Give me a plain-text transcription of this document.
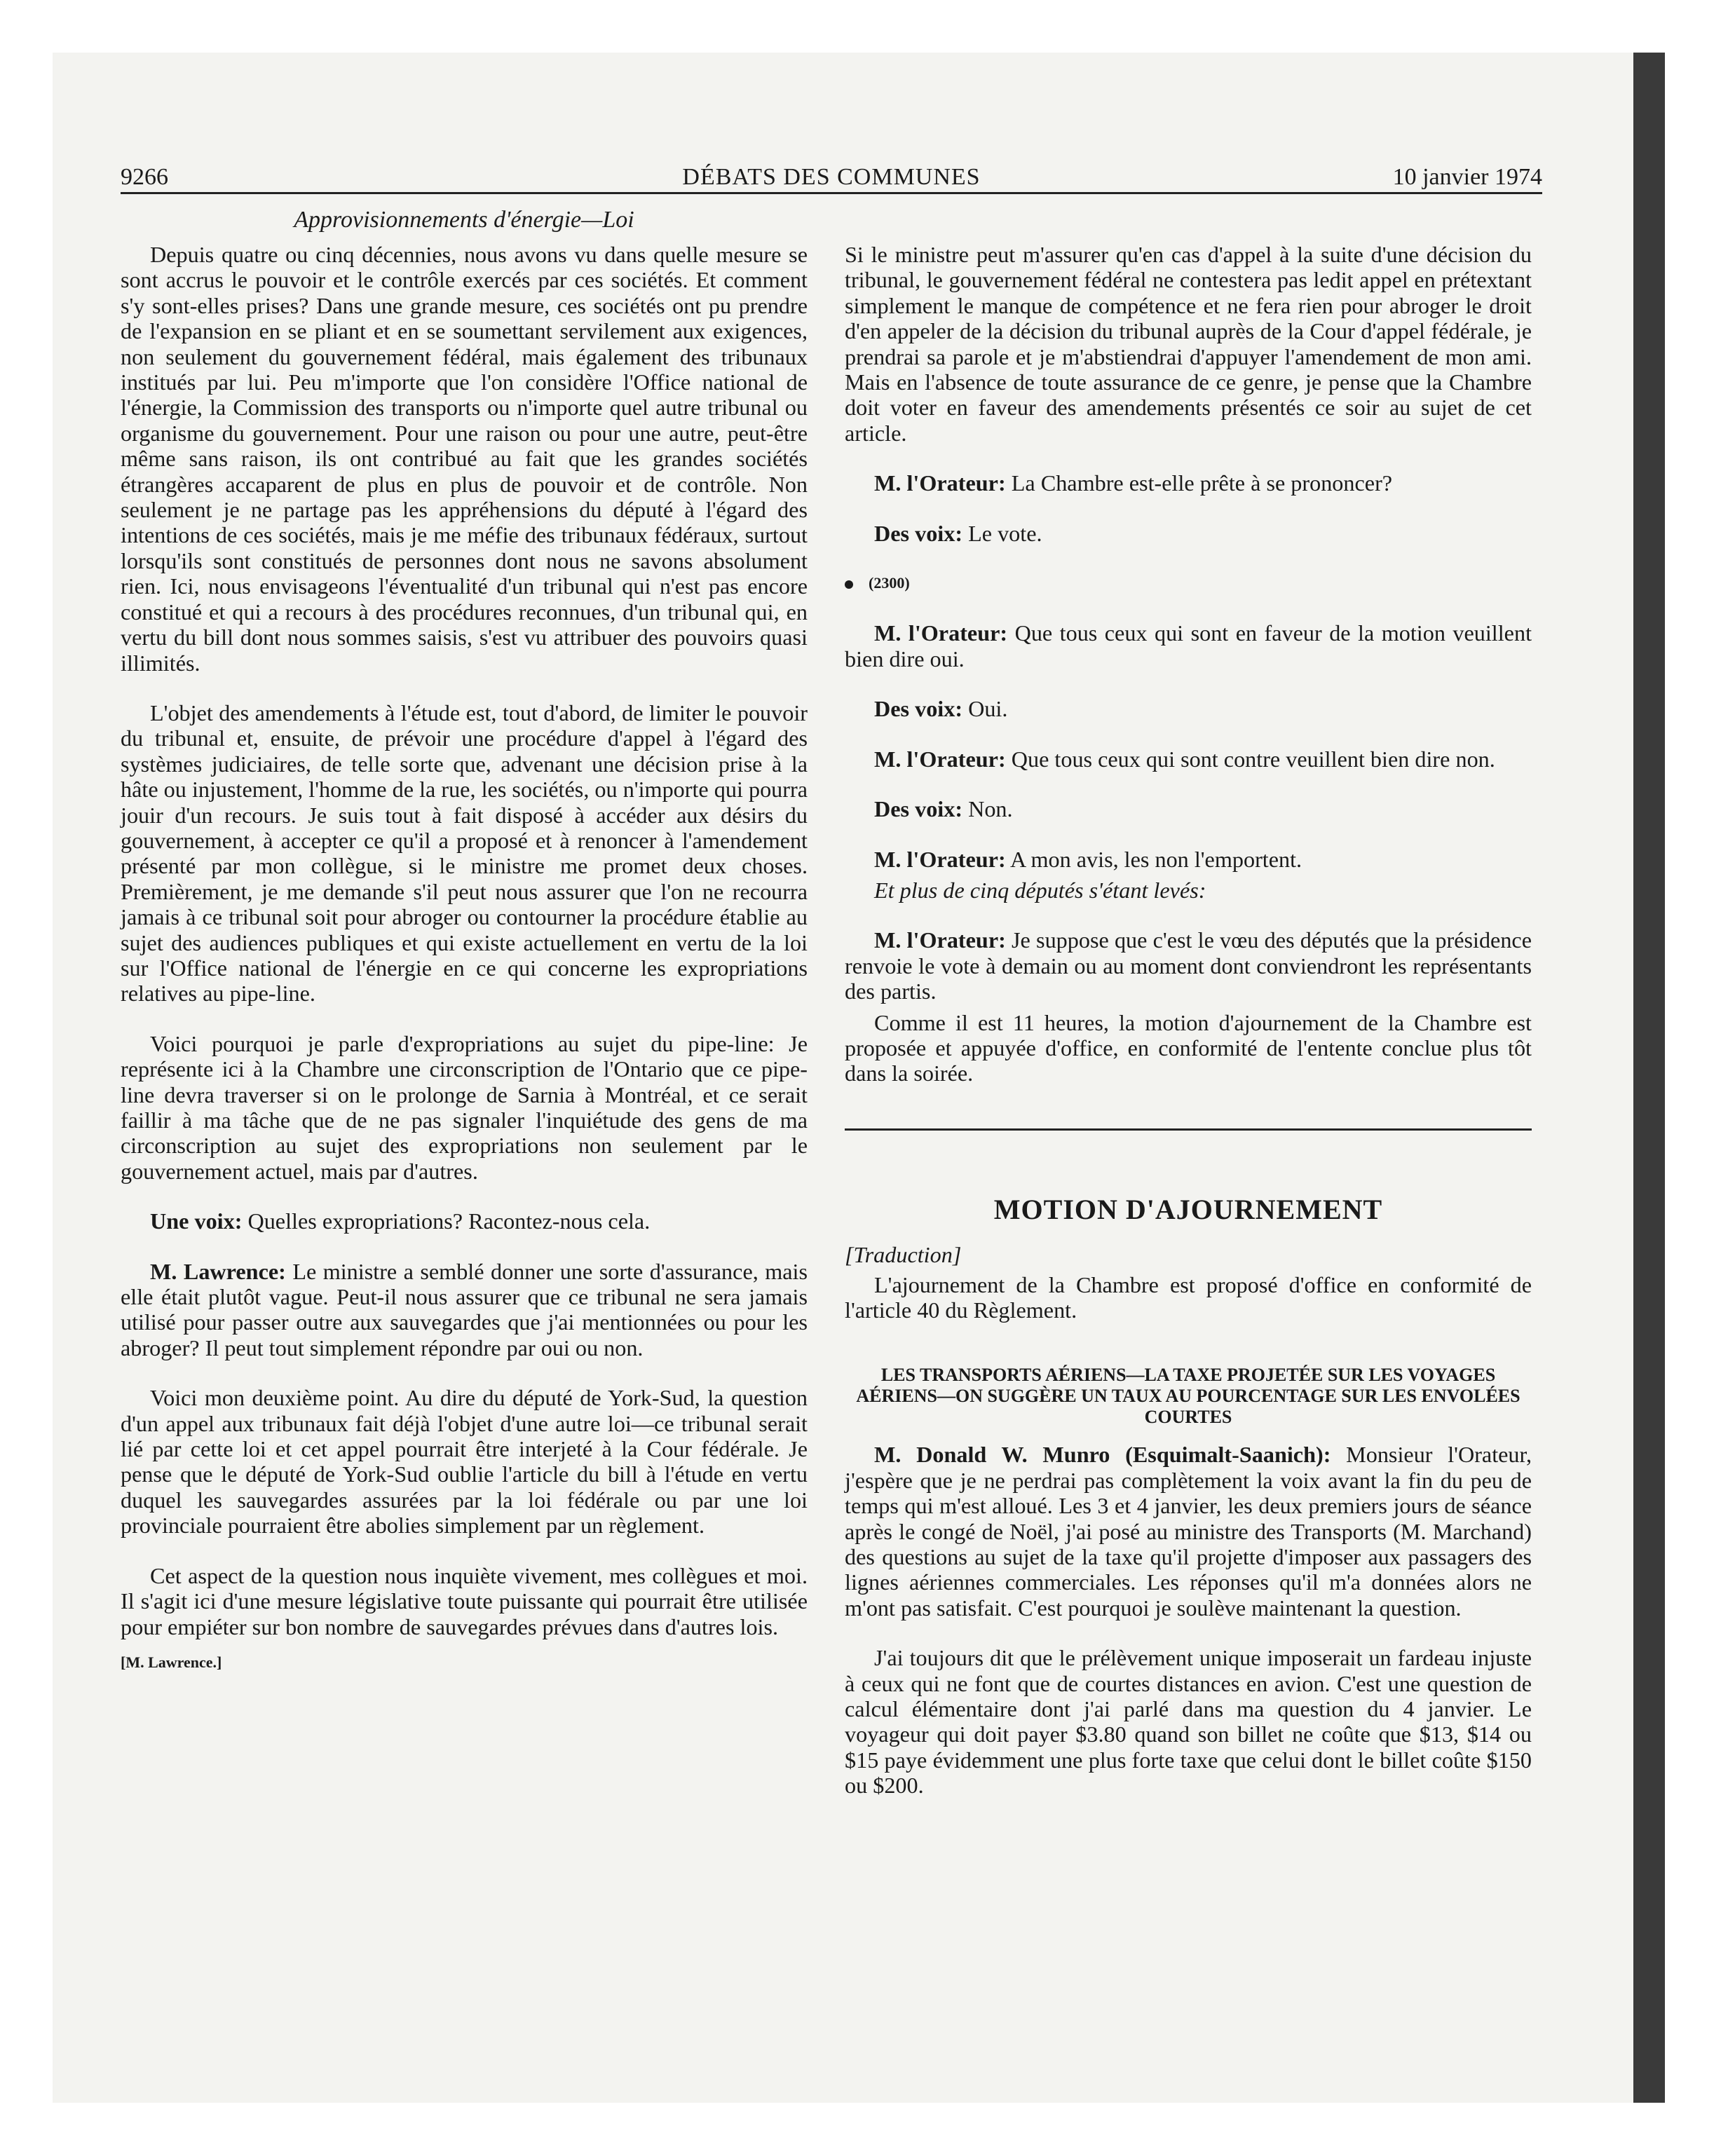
9266	DÉBATS DES COMMUNES	10 janvier 1974
Approvisionnements d'énergie—Loi

Depuis quatre ou cinq décennies, nous avons vu dans quelle mesure se sont accrus le pouvoir et le contrôle exercés par ces sociétés. Et comment s'y sont-elles prises? Dans une grande mesure, ces sociétés ont pu prendre de l'expansion en se pliant et en se soumettant servilement aux exigences, non seulement du gouvernement fédéral, mais également des tribunaux institués par lui. Peu m'importe que l'on considère l'Office national de l'énergie, la Commission des transports ou n'importe quel autre tribunal ou organisme du gouvernement. Pour une raison ou pour une autre, peut-être même sans raison, ils ont contribué au fait que les grandes sociétés étrangères accaparent de plus en plus de pouvoir et de contrôle. Non seulement je ne partage pas les appréhensions du député à l'égard des intentions de ces sociétés, mais je me méfie des tribunaux fédéraux, surtout lorsqu'ils sont constitués de personnes dont nous ne savons absolument rien. Ici, nous envisageons l'éventualité d'un tribunal qui n'est pas encore constitué et qui a recours à des procédures reconnues, d'un tribunal qui, en vertu du bill dont nous sommes saisis, s'est vu attribuer des pouvoirs quasi illimités.

L'objet des amendements à l'étude est, tout d'abord, de limiter le pouvoir du tribunal et, ensuite, de prévoir une procédure d'appel à l'égard des systèmes judiciaires, de telle sorte que, advenant une décision prise à la hâte ou injustement, l'homme de la rue, les sociétés, ou n'importe qui pourra jouir d'un recours. Je suis tout à fait disposé à accéder aux désirs du gouvernement, à accepter ce qu'il a proposé et à renoncer à l'amendement présenté par mon collègue, si le ministre me promet deux choses. Premièrement, je me demande s'il peut nous assurer que l'on ne recourra jamais à ce tribunal soit pour abroger ou contourner la procédure établie au sujet des audiences publiques et qui existe actuellement en vertu de la loi sur l'Office national de l'énergie en ce qui concerne les expropriations relatives au pipe-line.

Voici pourquoi je parle d'expropriations au sujet du pipe-line: Je représente ici à la Chambre une circonscription de l'Ontario que ce pipe-line devra traverser si on le prolonge de Sarnia à Montréal, et ce serait faillir à ma tâche que de ne pas signaler l'inquiétude des gens de ma circonscription au sujet des expropriations non seulement par le gouvernement actuel, mais par d'autres.

Une voix: Quelles expropriations? Racontez-nous cela.

M. Lawrence: Le ministre a semblé donner une sorte d'assurance, mais elle était plutôt vague. Peut-il nous assurer que ce tribunal ne sera jamais utilisé pour passer outre aux sauvegardes que j'ai mentionnées ou pour les abroger? Il peut tout simplement répondre par oui ou non.

Voici mon deuxième point. Au dire du député de York-Sud, la question d'un appel aux tribunaux fait déjà l'objet d'une autre loi—ce tribunal serait lié par cette loi et cet appel pourrait être interjeté à la Cour fédérale. Je pense que le député de York-Sud oublie l'article du bill à l'étude en vertu duquel les sauvegardes assurées par la loi fédérale ou par une loi provinciale pourraient être abolies simplement par un règlement.

Cet aspect de la question nous inquiète vivement, mes collègues et moi. Il s'agit ici d'une mesure législative toute puissante qui pourrait être utilisée pour empiéter sur bon nombre de sauvegardes prévues dans d'autres lois.

[M. Lawrence.]

Si le ministre peut m'assurer qu'en cas d'appel à la suite d'une décision du tribunal, le gouvernement fédéral ne contestera pas ledit appel en prétextant simplement le manque de compétence et ne fera rien pour abroger le droit d'en appeler de la décision du tribunal auprès de la Cour d'appel fédérale, je prendrai sa parole et je m'abstiendrai d'appuyer l'amendement de mon ami. Mais en l'absence de toute assurance de ce genre, je pense que la Chambre doit voter en faveur des amendements présentés ce soir au sujet de cet article.

M. l'Orateur: La Chambre est-elle prête à se prononcer?

Des voix: Le vote.

(2300)

M. l'Orateur: Que tous ceux qui sont en faveur de la motion veuillent bien dire oui.

Des voix: Oui.

M. l'Orateur: Que tous ceux qui sont contre veuillent bien dire non.

Des voix: Non.

M. l'Orateur: A mon avis, les non l'emportent.

Et plus de cinq députés s'étant levés:

M. l'Orateur: Je suppose que c'est le vœu des députés que la présidence renvoie le vote à demain ou au moment dont conviendront les représentants des partis.

Comme il est 11 heures, la motion d'ajournement de la Chambre est proposée et appuyée d'office, en conformité de l'entente conclue plus tôt dans la soirée.

MOTION D'AJOURNEMENT
[Traduction]

L'ajournement de la Chambre est proposé d'office en conformité de l'article 40 du Règlement.

LES TRANSPORTS AÉRIENS—LA TAXE PROJETÉE SUR LES VOYAGES AÉRIENS—ON SUGGÈRE UN TAUX AU POURCENTAGE SUR LES ENVOLÉES COURTES

M. Donald W. Munro (Esquimalt-Saanich): Monsieur l'Orateur, j'espère que je ne perdrai pas complètement la voix avant la fin du peu de temps qui m'est alloué. Les 3 et 4 janvier, les deux premiers jours de séance après le congé de Noël, j'ai posé au ministre des Transports (M. Marchand) des questions au sujet de la taxe qu'il projette d'imposer aux passagers des lignes aériennes commerciales. Les réponses qu'il m'a données alors ne m'ont pas satisfait. C'est pourquoi je soulève maintenant la question.

J'ai toujours dit que le prélèvement unique imposerait un fardeau injuste à ceux qui ne font que de courtes distances en avion. C'est une question de calcul élémentaire dont j'ai parlé dans ma question du 4 janvier. Le voyageur qui doit payer $3.80 quand son billet ne coûte que $13, $14 ou $15 paye évidemment une plus forte taxe que celui dont le billet coûte $150 ou $200.
